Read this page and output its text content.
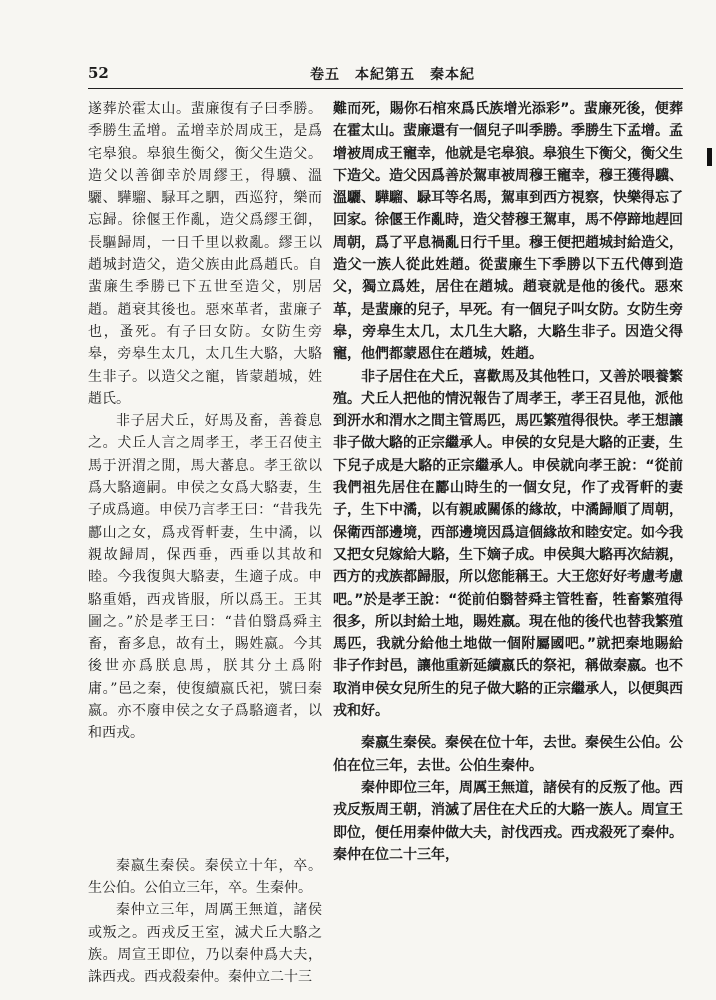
52	卷五　本紀第五　秦本紀

遂葬於霍太山。蜚廉復有子曰季勝。季勝生孟增。孟增幸於周成王，是爲宅皋狼。皋狼生衡父，衡父生造父。造父以善御幸於周繆王，得驥、溫驪、驊騮、騄耳之駟，西巡狩，樂而忘歸。徐偃王作亂，造父爲繆王御，長驅歸周，一日千里以救亂。繆王以趙城封造父，造父族由此爲趙氏。自蜚廉生季勝已下五世至造父，別居趙。趙衰其後也。惡來革者，蜚廉子也，蚤死。有子曰女防。女防生旁皋，旁皋生太几，太几生大駱，大駱生非子。以造父之寵，皆蒙趙城，姓趙氏。

非子居犬丘，好馬及畜，善養息之。犬丘人言之周孝王，孝王召使主馬于汧渭之閒，馬大蕃息。孝王欲以爲大駱適嗣。申侯之女爲大駱妻，生子成爲適。申侯乃言孝王曰：“昔我先酈山之女，爲戎胥軒妻，生中潏，以親故歸周，保西垂，西垂以其故和睦。今我復與大駱妻，生適子成。申駱重婚，西戎皆服，所以爲王。王其圖之。”於是孝王曰：“昔伯翳爲舜主畜，畜多息，故有土，賜姓嬴。今其後世亦爲朕息馬，朕其分土爲附庸。”邑之秦，使復續嬴氏祀，號曰秦嬴。亦不廢申侯之女子爲駱適者，以和西戎。

秦嬴生秦侯。秦侯立十年，卒。生公伯。公伯立三年，卒。生秦仲。

秦仲立三年，周厲王無道，諸侯或叛之。西戎反王室，滅犬丘大駱之族。周宣王即位，乃以秦仲爲大夫，誅西戎。西戎殺秦仲。秦仲立二十三

難而死，賜你石棺來爲氏族增光添彩”。蜚廉死後，便葬在霍太山。蜚廉還有一個兒子叫季勝。季勝生下孟增。孟增被周成王寵幸，他就是宅皋狼。皋狼生下衡父，衡父生下造父。造父因爲善於駕車被周穆王寵幸，穆王獲得驥、溫驪、驊騮、騄耳等名馬，駕車到西方視察，快樂得忘了回家。徐偃王作亂時，造父替穆王駕車，馬不停蹄地趕回周朝，爲了平息禍亂日行千里。穆王便把趙城封給造父，造父一族人從此姓趙。從蜚廉生下季勝以下五代傳到造父，獨立爲姓，居住在趙城。趙衰就是他的後代。惡來革，是蜚廉的兒子，早死。有一個兒子叫女防。女防生旁皋，旁皋生太几，太几生大駱，大駱生非子。因造父得寵，他們都蒙恩住在趙城，姓趙。

非子居住在犬丘，喜歡馬及其他牲口，又善於喂養繁殖。犬丘人把他的情況報告了周孝王，孝王召見他，派他到汧水和渭水之間主管馬匹，馬匹繁殖得很快。孝王想讓非子做大駱的正宗繼承人。申侯的女兒是大駱的正妻，生下兒子成是大駱的正宗繼承人。申侯就向孝王說：“從前我們祖先居住在酈山時生的一個女兒，作了戎胥軒的妻子，生下中潏，以有親戚關係的緣故，中潏歸順了周朝，保衛西部邊境，西部邊境因爲這個緣故和睦安定。如今我又把女兒嫁給大駱，生下嫡子成。申侯與大駱再次結親，西方的戎族都歸服，所以您能稱王。大王您好好考慮考慮吧。”於是孝王說：“從前伯翳替舜主管牲畜，牲畜繁殖得很多，所以封給土地，賜姓嬴。現在他的後代也替我繁殖馬匹，我就分給他土地做一個附屬國吧。”就把秦地賜給非子作封邑，讓他重新延續嬴氏的祭祀，稱做秦嬴。也不取消申侯女兒所生的兒子做大駱的正宗繼承人，以便與西戎和好。

秦嬴生秦侯。秦侯在位十年，去世。秦侯生公伯。公伯在位三年，去世。公伯生秦仲。

秦仲即位三年，周厲王無道，諸侯有的反叛了他。西戎反叛周王朝，消滅了居住在犬丘的大駱一族人。周宣王即位，便任用秦仲做大夫，討伐西戎。西戎殺死了秦仲。秦仲在位二十三年，
